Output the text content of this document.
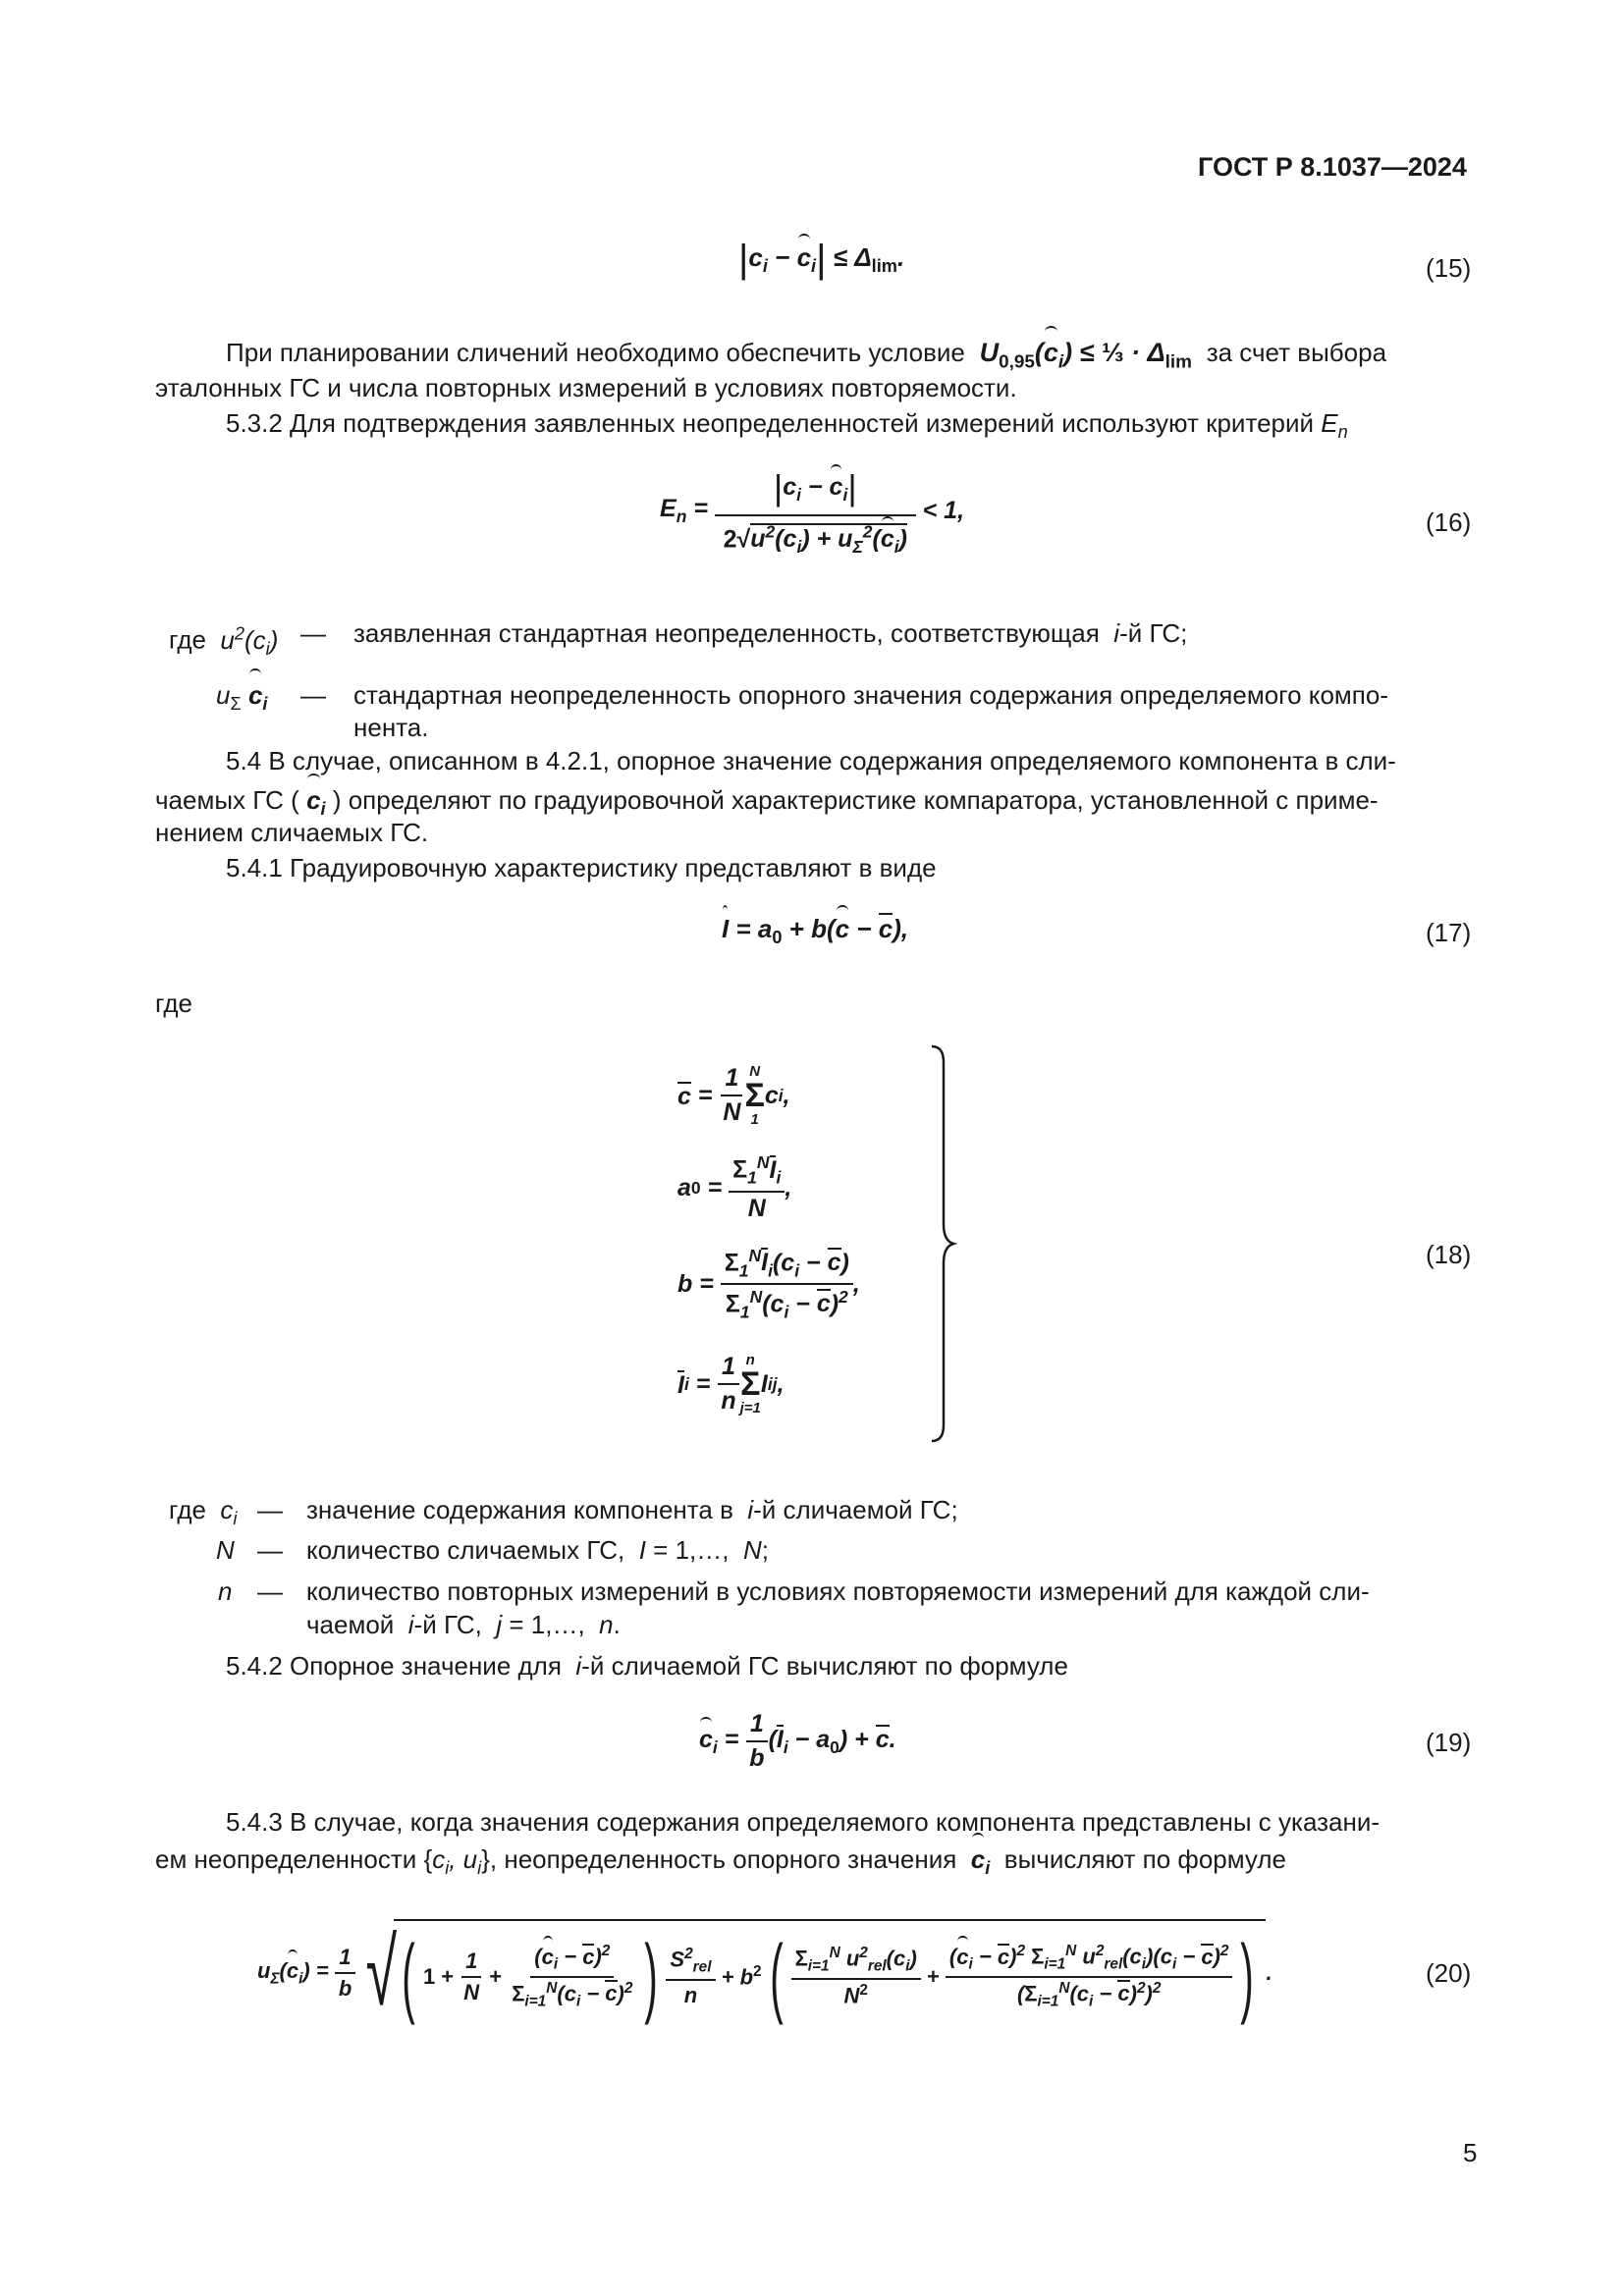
ГОСТ Р 8.1037—2024
$|c_i - c_i| \le \Delta_{lim}$.	(15)
При планировании сличений необходимо обеспечить условие  $U_{0,95}(c_i)$ ≤ ⅓ · $\Delta_{lim}$ за счет выбора
эталонных ГС и числа повторных измерений в условиях повторяемости.
5.3.2 Для подтверждения заявленных неопределенностей измерений используют критерий $E_n$
$E_n = \frac{|c_i - c_i|}{2√u^2(c_i) + u_\Sigma^2(c_i)} < 1$,	(16)
где  $u^2(c_i)$ — заявленная стандартная неопределенность, соответствующая  i-й ГС;
$u_\Sigma$ $c_i$ — стандартная неопределенность опорного значения содержания определяемого компо-
нента.
5.4 В случае, описанном в 4.2.1, опорное значение содержания определяемого компонента в сли-
чаемых ГС ( $c_i$ ) определяют по градуировочной характеристике компаратора, установленной с приме-
нением сличаемых ГС.
5.4.1 Градуировочную характеристику представляют в виде
$I = a_0 + b(c - c)$,	(17)
где
$c = \frac{1}{N}$ N
Σ
1
c i ,
a $0 = \frac{\Sigma_1^NI_i}{N}$ ,
$b = \frac{\Sigma_1^NI_i(c_i - c)}{\Sigma_1^N(c_i - c)^2}$ ,
I $i = \frac{1}{n}$ n
Σ
j=1
I ij ,
(18)
где  $c_i$ — значение содержания компонента в  i-й сличаемой ГС;
N — количество сличаемых ГС,  I = 1,…,  N;
n — количество повторных измерений в условиях повторяемости измерений для каждой сли-
чаемой  i-й ГС,  j = 1,…,  n.
5.4.2 Опорное значение для  i-й сличаемой ГС вычисляют по формуле
$c_i = \frac{1}{b} (I_i - a_0) + c$.	(19)
5.4.3 В случае, когда значения содержания определяемого компонента представлены с указани-
ем неопределенности {$c_i$, $u_i$}, неопределенность опорного значения $c_i$ вычисляют по формуле
$u_\Sigma(c_i) = \frac{1}{b}$ √ ( $1 + \frac{1}{N} + \frac{(c_i - c)^2}{\Sigma_{i=1}^N(c_i - c)^2}$ ) $\frac{S^2_{rel}}{n} + b^2$ ( $\frac{\Sigma_{i=1}^N u^2_{rel}(c_i)}{N^2} + \frac{(c_i - c)^2 \Sigma_{i=1}^N u^2_{rel}(c_i)(c_i - c)^2}{(\Sigma_{i=1}^N(c_i - c)^2)^2}$ ) .	(20)
5
